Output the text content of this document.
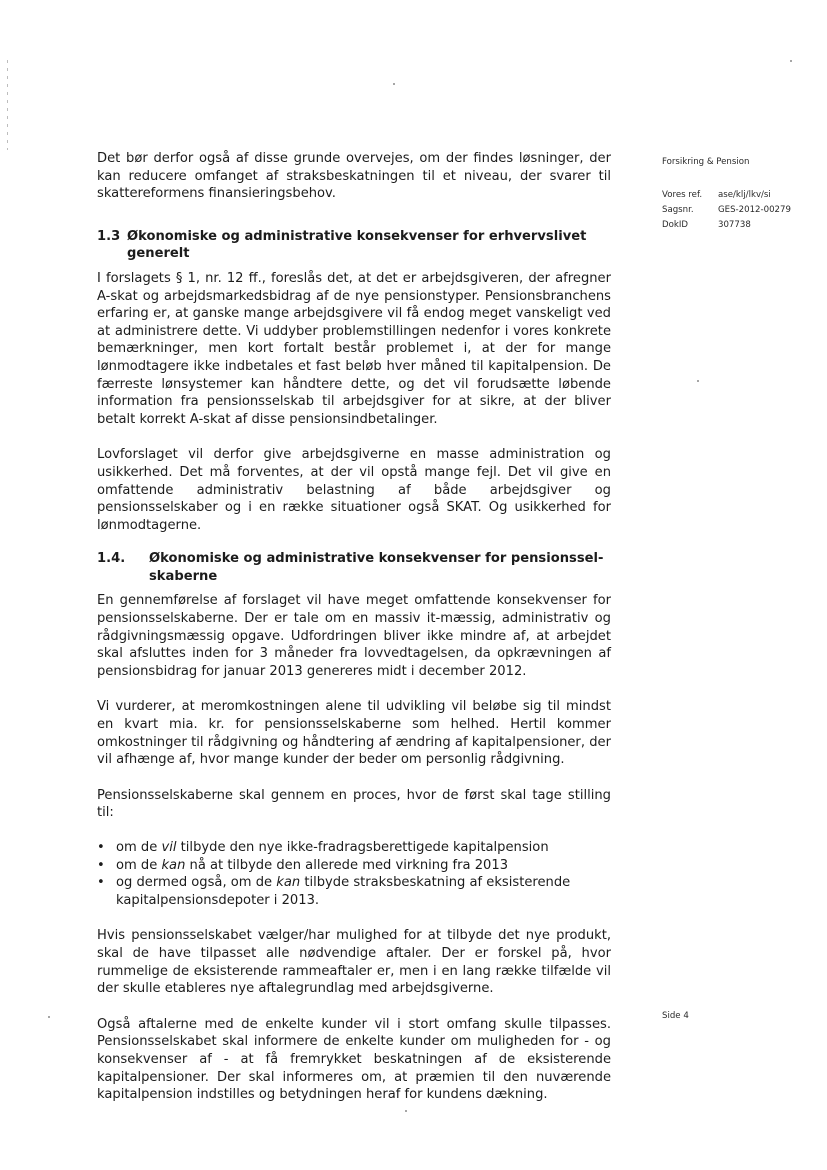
Forsikring & Pension
Vores ref.	ase/klj/lkv/si
Sagsnr.	GES-2012-00279
DokID	307738
Side 4

Det bør derfor også af disse grunde overvejes, om der findes løsninger, der kan reducere omfanget af straksbeskatningen til et niveau, der svarer til skattereformens finansieringsbehov.

1.3 Økonomiske og administrative konsekvenser for erhvervslivet generelt

I forslagets § 1, nr. 12 ff., foreslås det, at det er arbejdsgiveren, der afregner A-skat og arbejdsmarkedsbidrag af de nye pensionstyper. Pensionsbranchens erfaring er, at ganske mange arbejdsgivere vil få endog meget vanskeligt ved at administrere dette. Vi uddyber problemstillingen nedenfor i vores konkrete bemærkninger, men kort fortalt består problemet i, at der for mange lønmodtagere ikke indbetales et fast beløb hver måned til kapitalpension. De færreste lønsystemer kan håndtere dette, og det vil forudsætte løbende information fra pensionsselskab til arbejdsgiver for at sikre, at der bliver betalt korrekt A-skat af disse pensionsindbetalinger.

Lovforslaget vil derfor give arbejdsgiverne en masse administration og usikkerhed. Det må forventes, at der vil opstå mange fejl. Det vil give en omfattende administrativ belastning af både arbejdsgiver og pensionsselskaber og i en række situationer også SKAT. Og usikkerhed for lønmodtagerne.

1.4.	Økonomiske og administrative konsekvenser for pensionsselskaberne

En gennemførelse af forslaget vil have meget omfattende konsekvenser for pensionsselskaberne. Der er tale om en massiv it-mæssig, administrativ og rådgivningsmæssig opgave. Udfordringen bliver ikke mindre af, at arbejdet skal afsluttes inden for 3 måneder fra lovvedtagelsen, da opkrævningen af pensionsbidrag for januar 2013 genereres midt i december 2012.

Vi vurderer, at meromkostningen alene til udvikling vil beløbe sig til mindst en kvart mia. kr. for pensionsselskaberne som helhed. Hertil kommer omkostninger til rådgivning og håndtering af ændring af kapitalpensioner, der vil afhænge af, hvor mange kunder der beder om personlig rådgivning.

Pensionsselskaberne skal gennem en proces, hvor de først skal tage stilling til:

• om de vil tilbyde den nye ikke-fradragsberettigede kapitalpension
• om de kan nå at tilbyde den allerede med virkning fra 2013
• og dermed også, om de kan tilbyde straksbeskatning af eksisterende kapitalpensionsdepoter i 2013.

Hvis pensionsselskabet vælger/har mulighed for at tilbyde det nye produkt, skal de have tilpasset alle nødvendige aftaler. Der er forskel på, hvor rummelige de eksisterende rammeaftaler er, men i en lang række tilfælde vil der skulle etableres nye aftalegrundlag med arbejdsgiverne.

Også aftalerne med de enkelte kunder vil i stort omfang skulle tilpasses. Pensionsselskabet skal informere de enkelte kunder om muligheden for - og konsekvenser af - at få fremrykket beskatningen af de eksisterende kapitalpensioner. Der skal informeres om, at præmien til den nuværende kapitalpension indstilles og betydningen heraf for kundens dækning.
